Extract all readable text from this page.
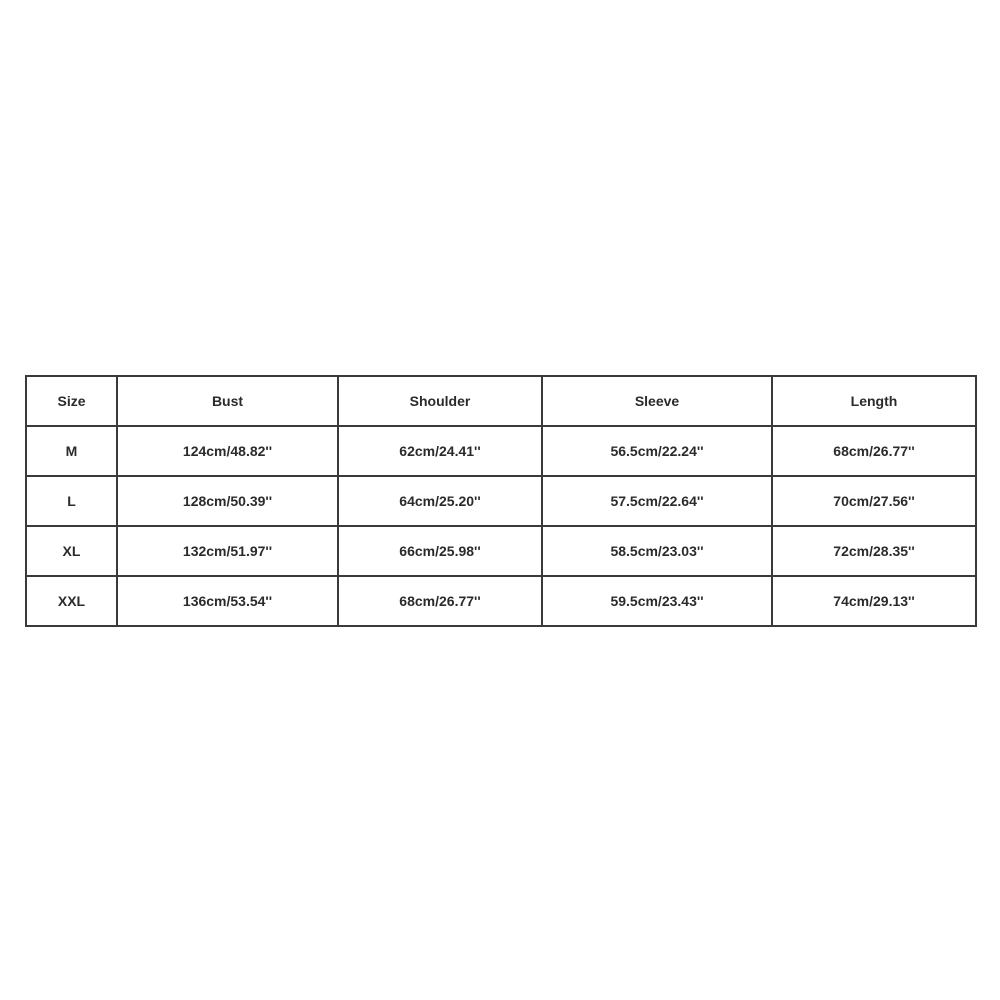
Size	Bust	Shoulder	Sleeve	Length
M	124cm/48.82''	62cm/24.41''	56.5cm/22.24''	68cm/26.77''
L	128cm/50.39''	64cm/25.20''	57.5cm/22.64''	70cm/27.56''
XL	132cm/51.97''	66cm/25.98''	58.5cm/23.03''	72cm/28.35''
XXL	136cm/53.54''	68cm/26.77''	59.5cm/23.43''	74cm/29.13''
